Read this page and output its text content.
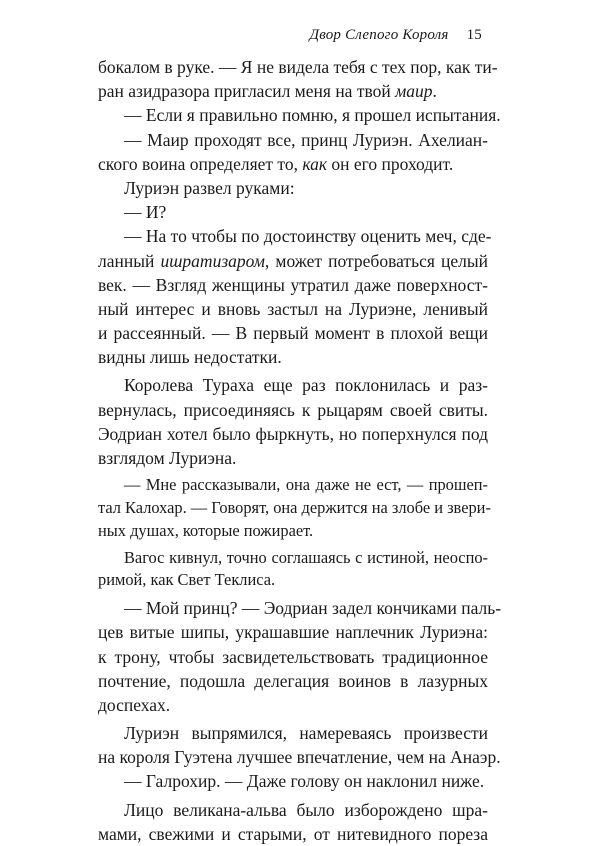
Двор Слепого Короля 15
бокалом в руке. — Я не видела тебя с тех пор, как ти-
ран азидразора пригласил меня на твой маир.
— Если я правильно помню, я прошел испытания.
— Маир проходят все, принц Луриэн. Ахелиан-
ского воина определяет то, как он его проходит.
Луриэн развел руками:
— И?
— На то чтобы по достоинству оценить меч, сде-
ланный ишратизаром, может потребоваться целый
век. — Взгляд женщины утратил даже поверхност-
ный интерес и вновь застыл на Луриэне, ленивый
и рассеянный. — В первый момент в плохой вещи
видны лишь недостатки.
Королева Тураха еще раз поклонилась и раз-
вернулась, присоединяясь к рыцарям своей свиты.
Эодриан хотел было фыркнуть, но поперхнулся под
взглядом Луриэна.
— Мне рассказывали, она даже не ест, — прошеп-
тал Калохар. — Говорят, она держится на злобе и звери-
ных душах, которые пожирает.
Вагос кивнул, точно соглашаясь с истиной, неоспо-
римой, как Свет Теклиса.
— Мой принц? — Эодриан задел кончиками паль-
цев витые шипы, украшавшие наплечник Луриэна:
к трону, чтобы засвидетельствовать традиционное
почтение, подошла делегация воинов в лазурных
доспехах.
Луриэн выпрямился, намереваясь произвести
на короля Гуэтена лучшее впечатление, чем на Анаэр.
— Галрохир. — Даже голову он наклонил ниже.
Лицо великана-альва было изборождено шра-
мами, свежими и старыми, от нитевидного пореза
